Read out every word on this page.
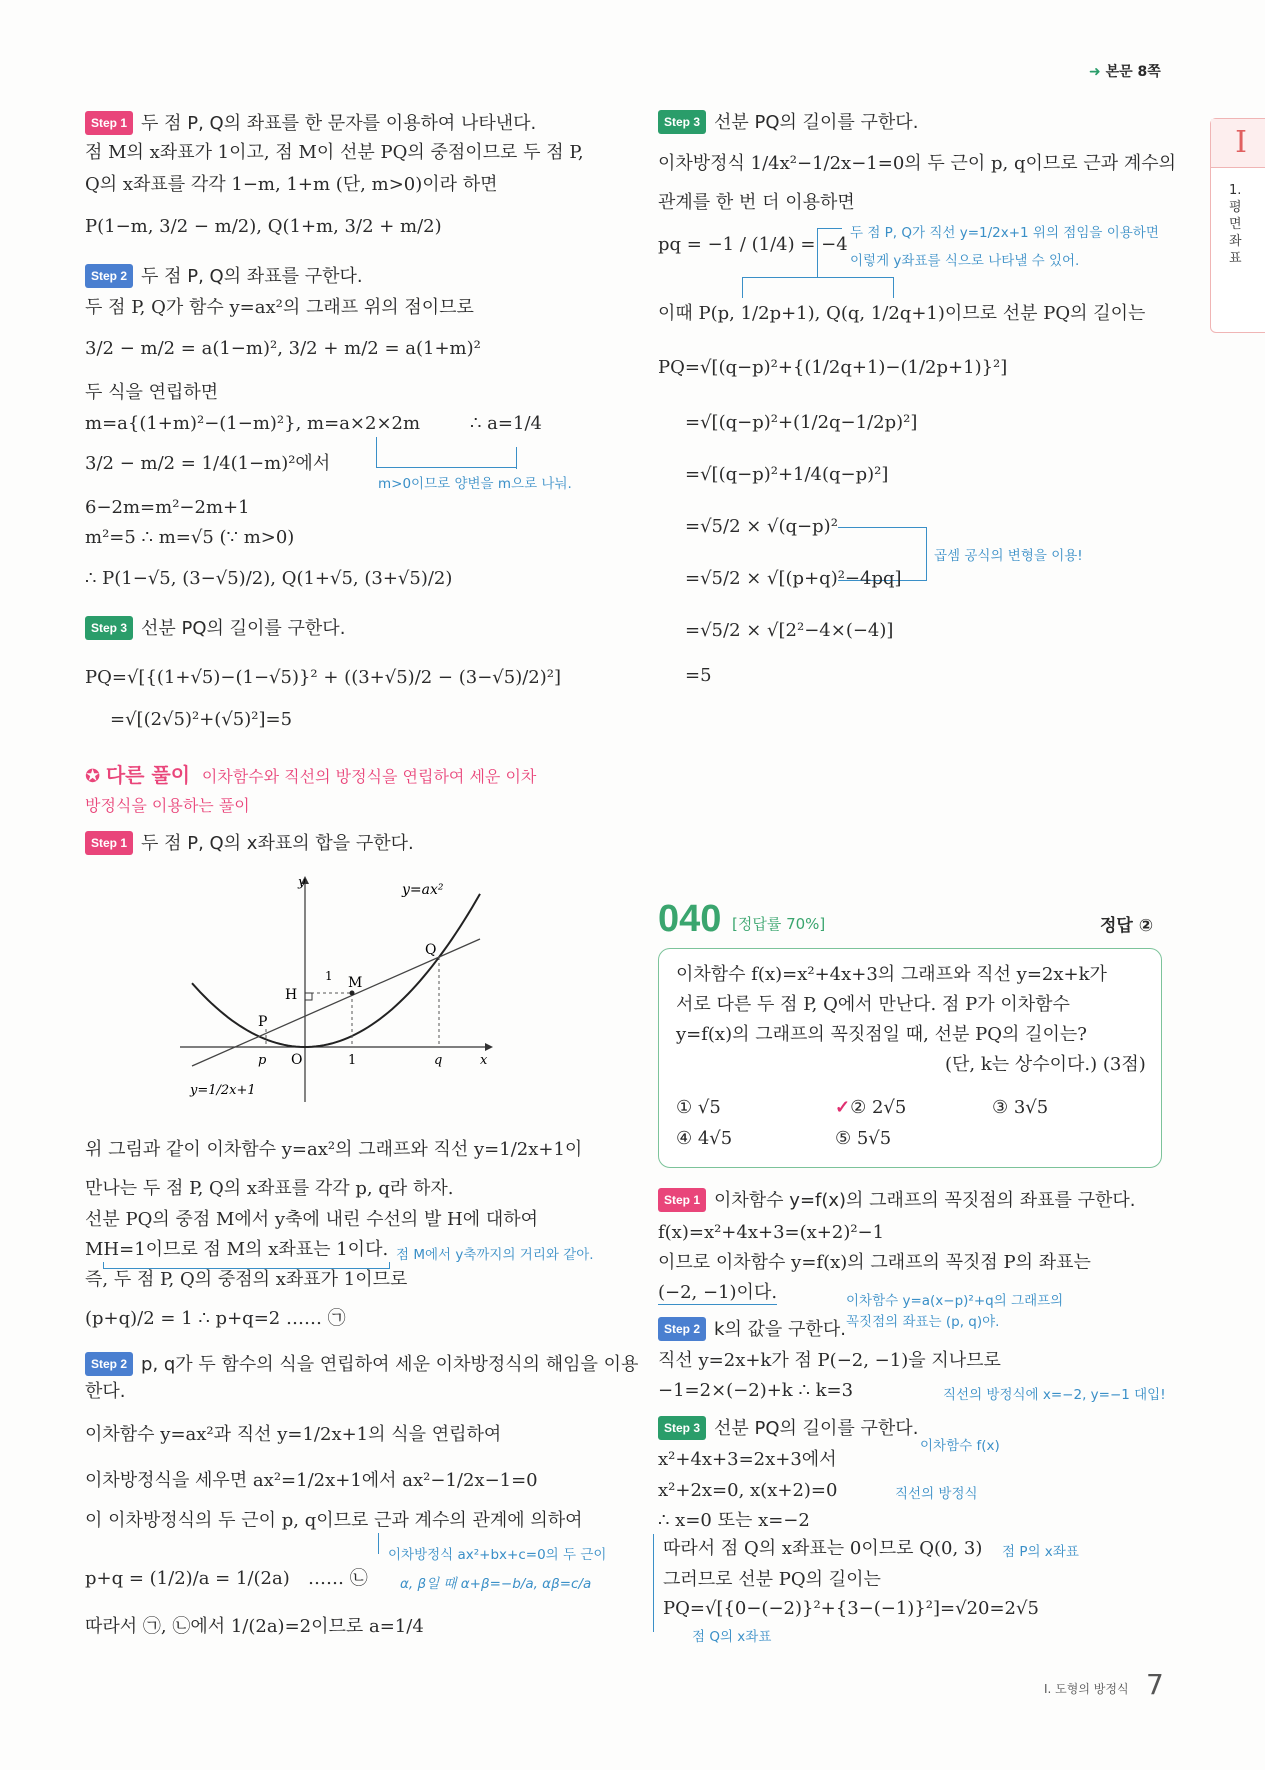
➜ 본문 8쪽
I
1. 평면좌표
Step 1 두 점 P, Q의 좌표를 한 문자를 이용하여 나타낸다.
점 M의 x좌표가 1이고, 점 M이 선분 PQ의 중점이므로 두 점 P,
Q의 x좌표를 각각 1−m, 1+m (단, m>0)이라 하면
P(1−m, 3/2 − m/2), Q(1+m, 3/2 + m/2)
Step 2 두 점 P, Q의 좌표를 구한다.
두 점 P, Q가 함수 y=ax²의 그래프 위의 점이므로
3/2 − m/2 = a(1−m)², 3/2 + m/2 = a(1+m)²
두 식을 연립하면
m=a{(1+m)²−(1−m)²}, m=a×2×2m	∴ a=1/4
3/2 − m/2 = 1/4(1−m)²에서
m>0이므로 양변을 m으로 나눠.
6−2m=m²−2m+1
m²=5 ∴ m=√5 (∵ m>0)
∴ P(1−√5, (3−√5)/2), Q(1+√5, (3+√5)/2)
Step 3 선분 PQ의 길이를 구한다.
PQ=√[{(1+√5)−(1−√5)}² + ((3+√5)/2 − (3−√5)/2)²]
=√[(2√5)²+(√5)²]=5
✪ 다른 풀이 이차함수와 직선의 방정식을 연립하여 세운 이차
방정식을 이용하는 풀이
Step 1 두 점 P, Q의 x좌표의 합을 구한다.
y
x
y=ax²
y=1/2x+1
P
Q
M
H
O
p	q
1
1
위 그림과 같이 이차함수 y=ax²의 그래프와 직선 y=1/2x+1이
만나는 두 점 P, Q의 x좌표를 각각 p, q라 하자.
선분 PQ의 중점 M에서 y축에 내린 수선의 발 H에 대하여
MH=1이므로 점 M의 x좌표는 1이다. 점 M에서 y축까지의 거리와 같아.
즉, 두 점 P, Q의 중점의 x좌표가 1이므로
(p+q)/2 = 1 ∴ p+q=2 …… ㉠
Step 2 p, q가 두 함수의 식을 연립하여 세운 이차방정식의 해임을 이용
한다.
이차함수 y=ax²과 직선 y=1/2x+1의 식을 연립하여
이차방정식을 세우면 ax²=1/2x+1에서 ax²−1/2x−1=0
이 이차방정식의 두 근이 p, q이므로 근과 계수의 관계에 의하여
이차방정식 ax²+bx+c=0의 두 근이
α, β일 때 α+β=−b/a, αβ=c/a
p+q = (1/2)/a = 1/(2a) …… ㉡
따라서 ㉠, ㉡에서 1/(2a)=2이므로 a=1/4
Step 3 선분 PQ의 길이를 구한다.
이차방정식 1/4x²−1/2x−1=0의 두 근이 p, q이므로 근과 계수의
관계를 한 번 더 이용하면
pq = −1 / (1/4) = −4
두 점 P, Q가 직선 y=1/2x+1 위의 점임을 이용하면
이렇게 y좌표를 식으로 나타낼 수 있어.
이때 P(p, 1/2p+1), Q(q, 1/2q+1)이므로 선분 PQ의 길이는
PQ=√[(q−p)²+{(1/2q+1)−(1/2p+1)}²]
=√[(q−p)²+(1/2q−1/2p)²]
=√[(q−p)²+1/4(q−p)²]
=√5/2 × √(q−p)²
곱셈 공식의 변형을 이용!
=√5/2 × √[(p+q)²−4pq]
=√5/2 × √[2²−4×(−4)]
=5
040 [정답률 70%]	정답 ②
이차함수 f(x)=x²+4x+3의 그래프와 직선 y=2x+k가
서로 다른 두 점 P, Q에서 만난다. 점 P가 이차함수
y=f(x)의 그래프의 꼭짓점일 때, 선분 PQ의 길이는?
(단, k는 상수이다.) (3점)
① √5	✓② 2√5	③ 3√5
④ 4√5	⑤ 5√5
Step 1 이차함수 y=f(x)의 그래프의 꼭짓점의 좌표를 구한다.
f(x)=x²+4x+3=(x+2)²−1
이므로 이차함수 y=f(x)의 그래프의 꼭짓점 P의 좌표는
(−2, −1)이다.	이차함수 y=a(x−p)²+q의 그래프의
꼭짓점의 좌표는 (p, q)야.
Step 2 k의 값을 구한다.
직선 y=2x+k가 점 P(−2, −1)을 지나므로
−1=2×(−2)+k ∴ k=3	직선의 방정식에 x=−2, y=−1 대입!
Step 3 선분 PQ의 길이를 구한다.
이차함수 f(x)
x²+4x+3=2x+3에서
x²+2x=0, x(x+2)=0	직선의 방정식
∴ x=0 또는 x=−2
따라서 점 Q의 x좌표는 0이므로 Q(0, 3) 점 P의 x좌표
그러므로 선분 PQ의 길이는
PQ=√[{0−(−2)}²+{3−(−1)}²]=√20=2√5
점 Q의 x좌표
I. 도형의 방정식 7
